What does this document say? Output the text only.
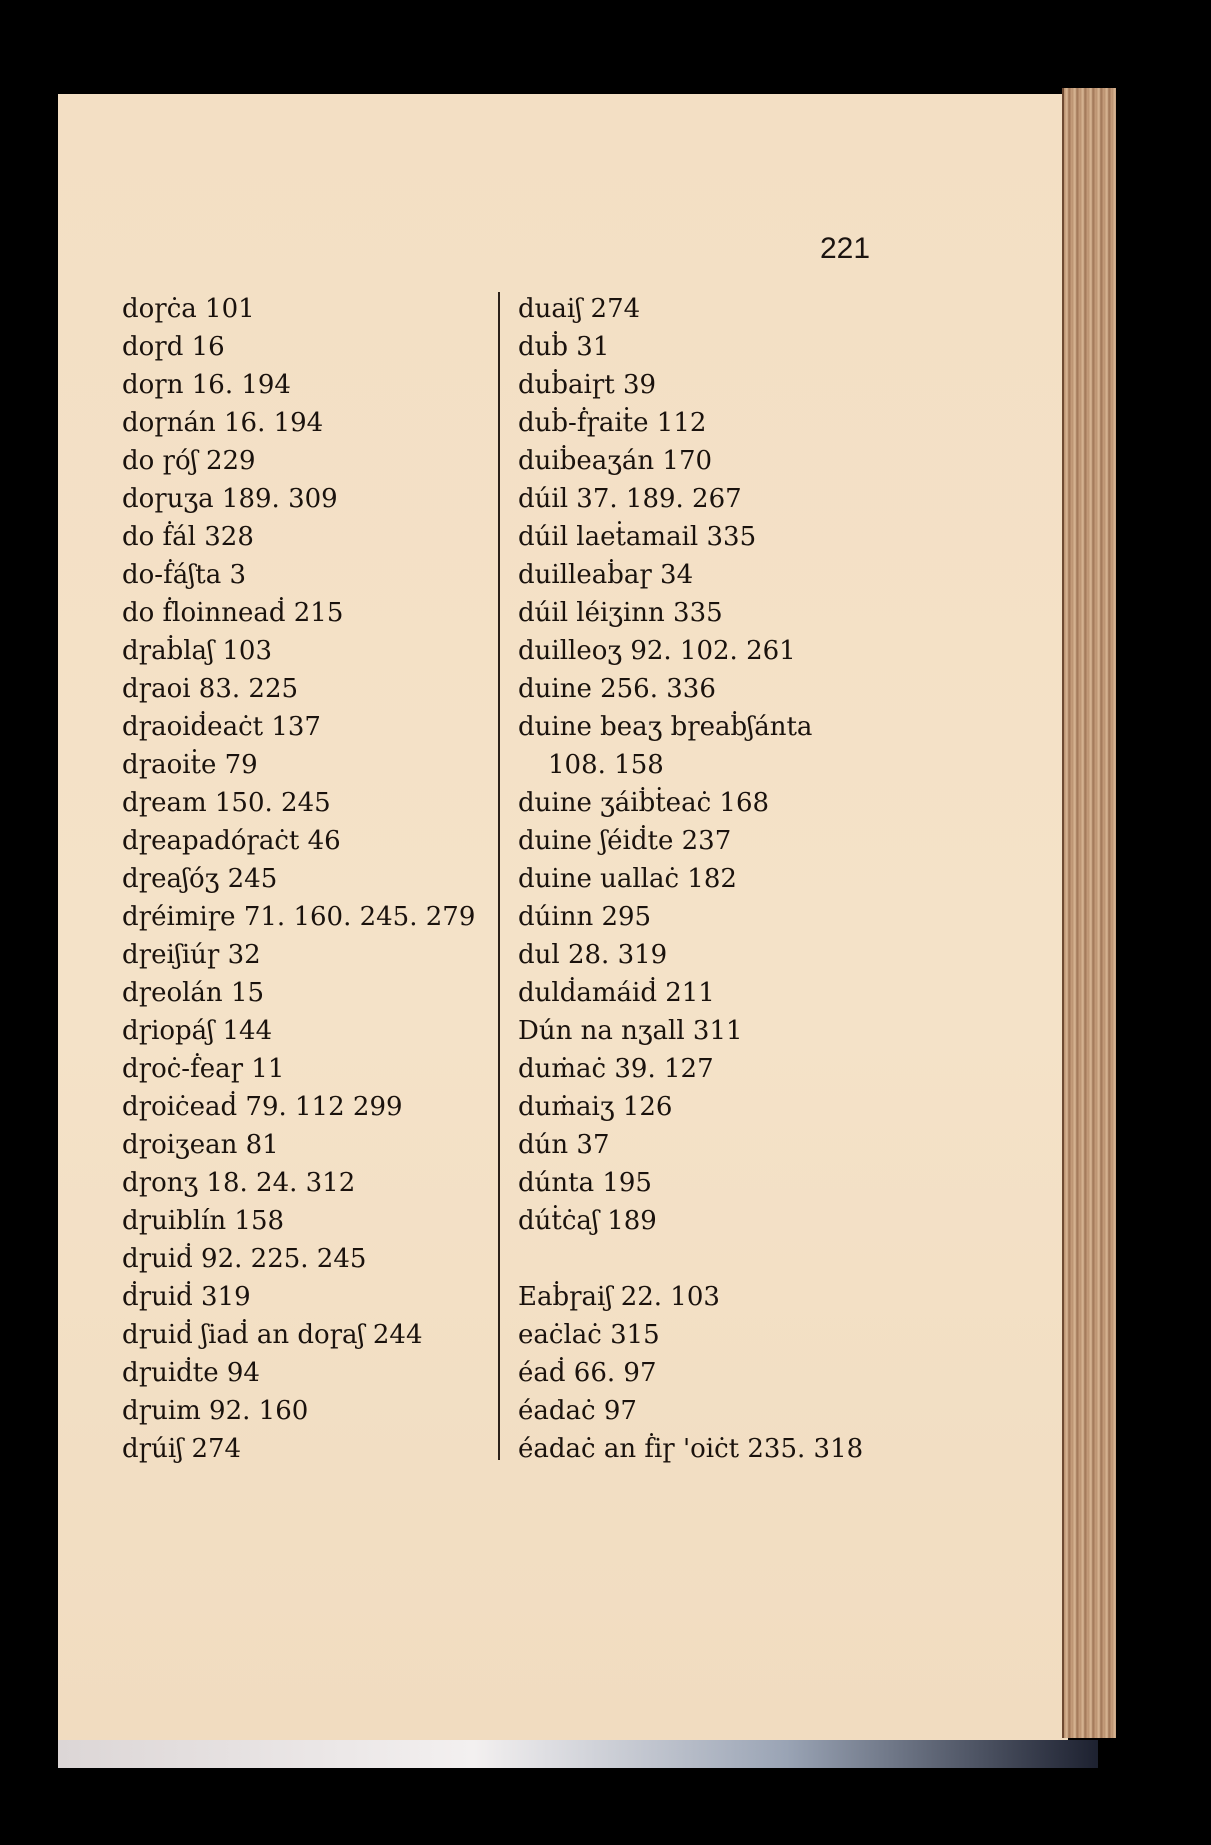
221
doɼċa 101
doɼd 16
doɼn 16. 194
doɼnán 16. 194
do ɼóʃ 229
doɼuʒa 189. 309
do ḟál 328
do-ḟáʃta 3
do ḟloinneaḋ 215
dɼaḃlaʃ 103
dɼaoi 83. 225
dɼaoiḋeaċt 137
dɼaoiṫe 79
dɼeam 150. 245
dɼeapadóɼaċt 46
dɼeaʃóʒ 245
dɼéimiɼe 71. 160. 245. 279
dɼeiʃiúɼ 32
dɼeolán 15
dɼiopáʃ 144
dɼoċ-ḟeaɼ 11
dɼoiċeaḋ 79. 112 299
dɼoiʒean 81
dɼonʒ 18. 24. 312
dɼuiblín 158
dɼuiḋ 92. 225. 245
ḋɼuiḋ 319
dɼuiḋ ʃiaḋ an doɼaʃ 244
dɼuiḋte 94
dɼuim 92. 160
dɼúiʃ 274
duaiʃ 274
duḃ 31
duḃaiɼt 39
duḃ-ḟɼaiṫe 112
duiḃeaʒán 170
dúil 37. 189. 267
dúil laeṫamail 335
duilleaḃaɼ 34
dúil léiʒinn 335
duilleoʒ 92. 102. 261
duine 256. 336
duine beaʒ bɼeaḃʃánta
108. 158
duine ʒáiḃṫeaċ 168
duine ʃéiḋte 237
duine uallaċ 182
dúinn 295
dul 28. 319
dulḋamáiḋ 211
Dún na nʒall 311
duṁaċ 39. 127
duṁaiʒ 126
dún 37
dúnta 195
dúṫċaʃ 189
Eaḃɼaiʃ 22. 103
eaċlaċ 315
éaḋ 66. 97
éadaċ 97
éadaċ an ḟiɼ 'oiċt 235. 318
